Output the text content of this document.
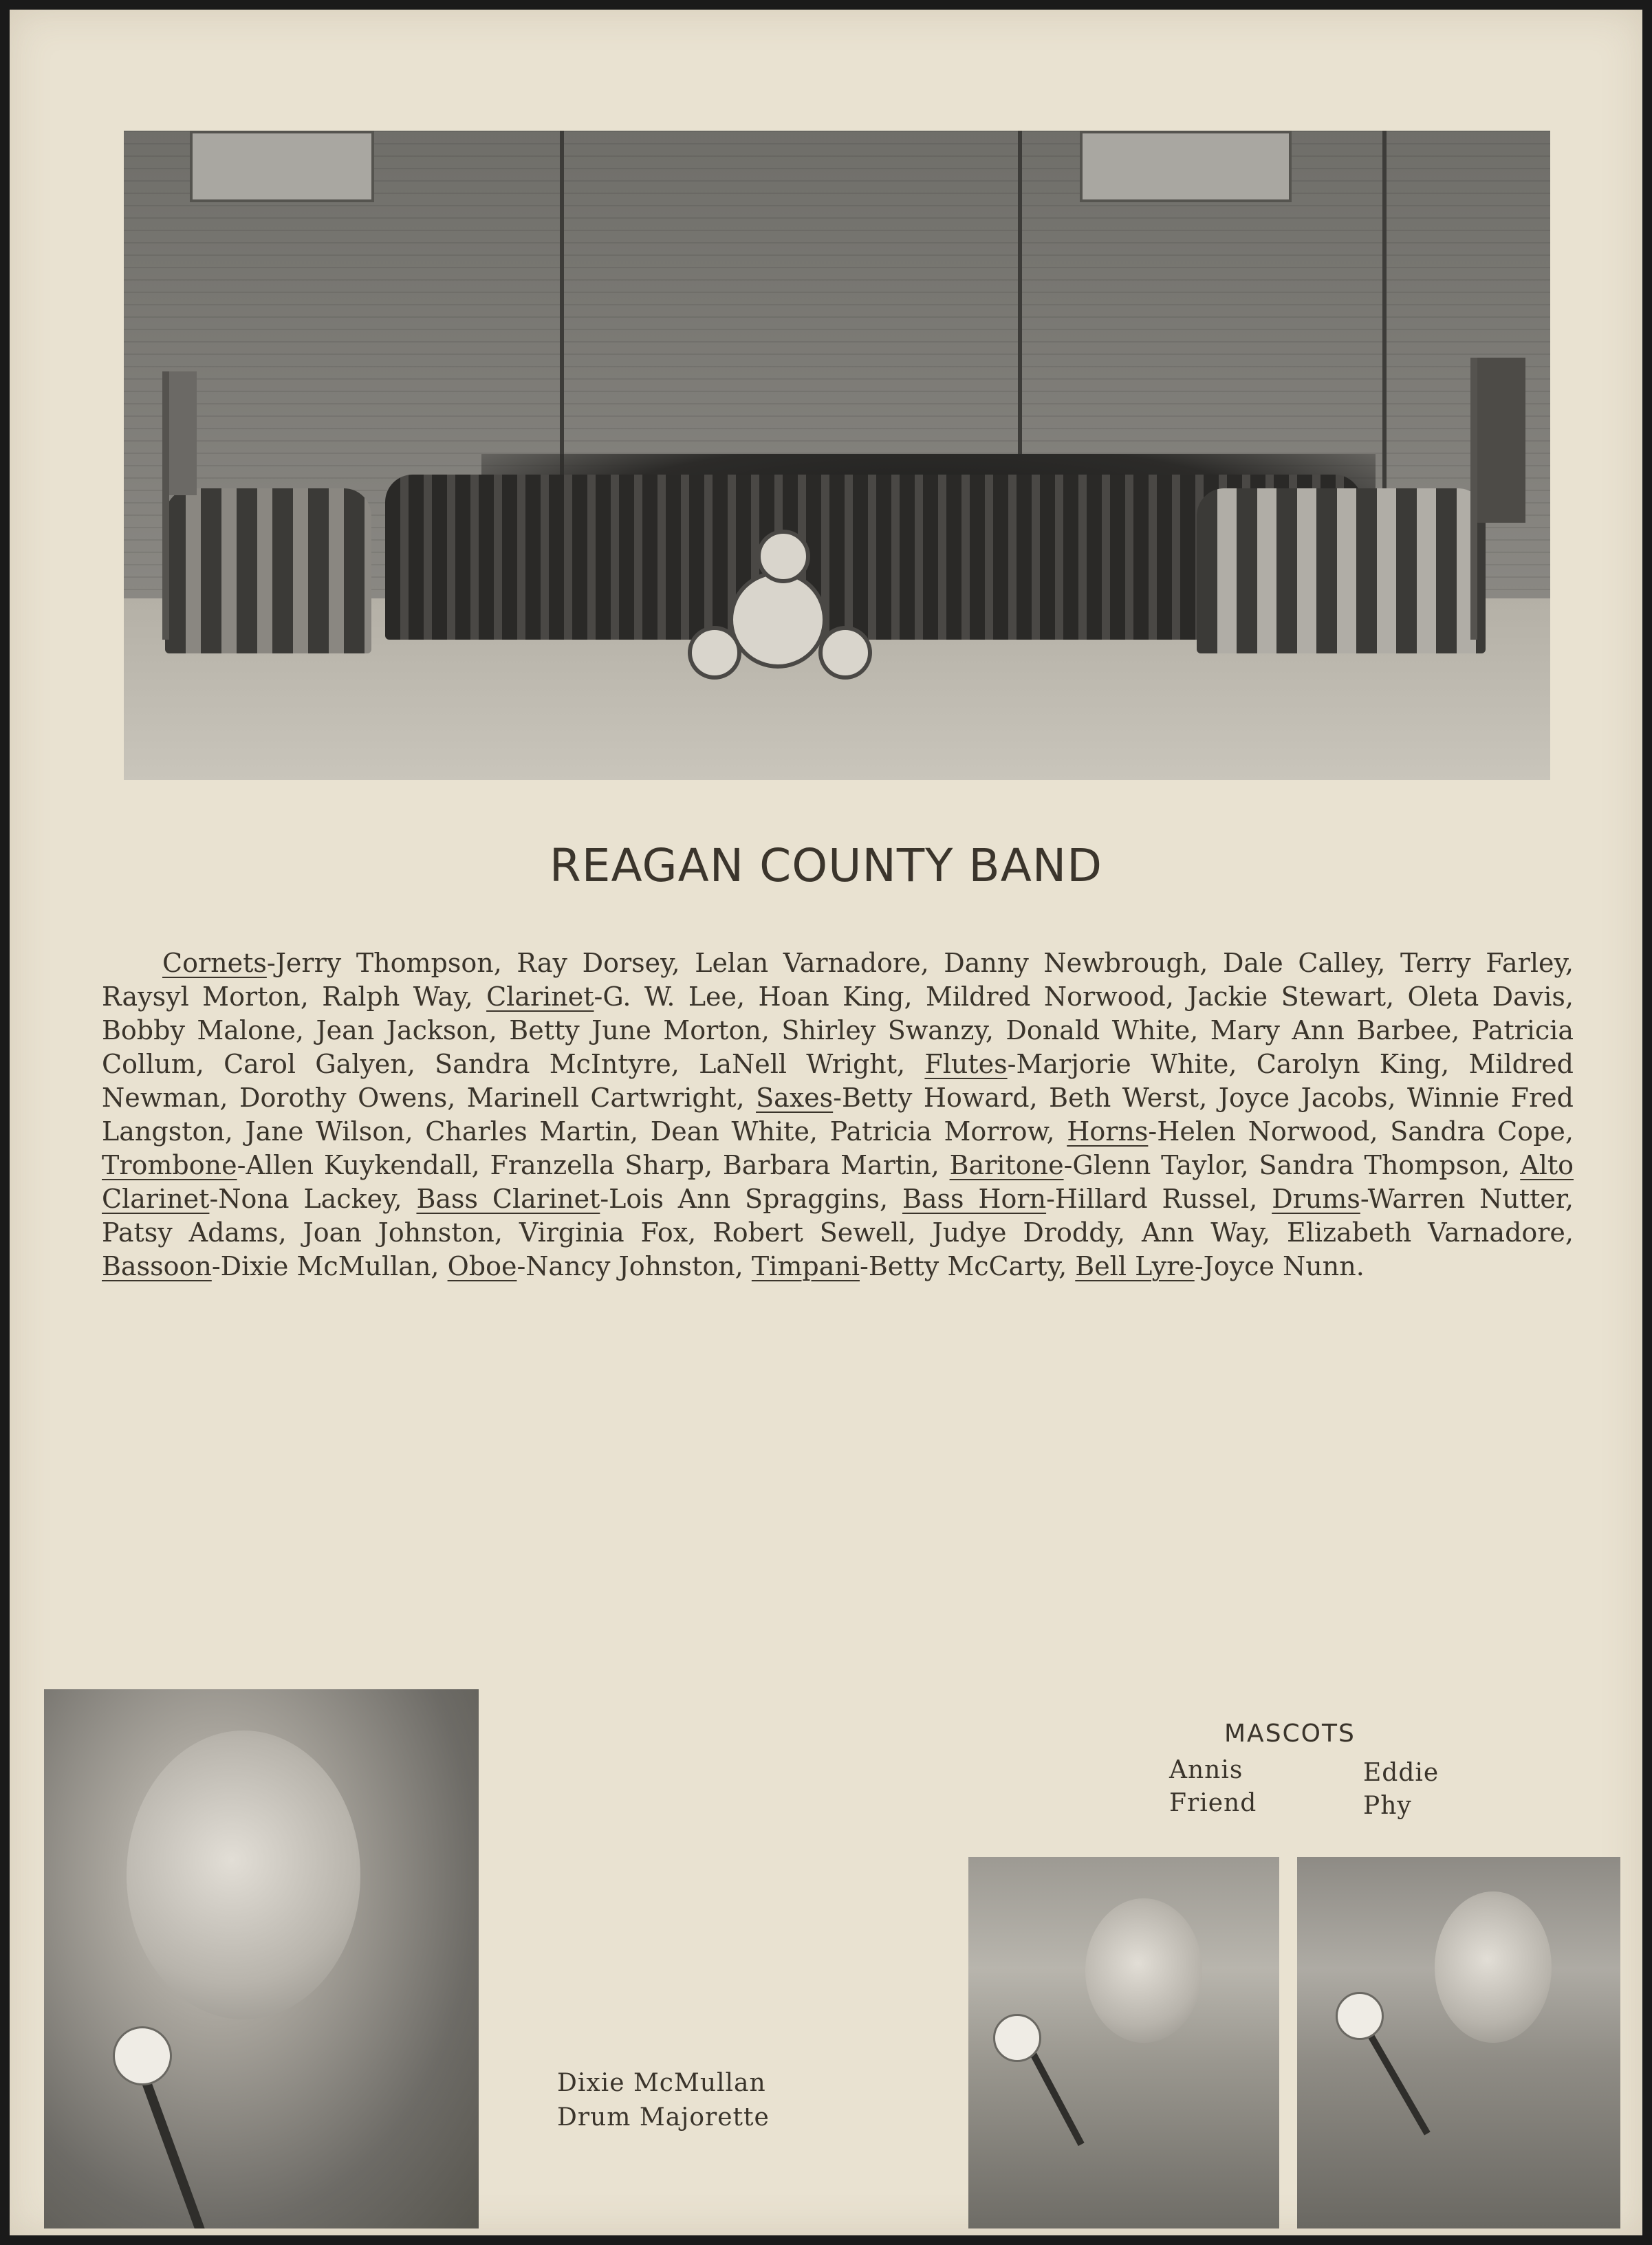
REAGAN COUNTY BAND
Cornets-Jerry Thompson, Ray Dorsey, Lelan Varnadore, Danny Newbrough, Dale Calley, Terry Farley, Raysyl Morton, Ralph Way, Clarinet-G. W. Lee, Hoan King, Mildred Norwood, Jackie Stewart, Oleta Davis, Bobby Malone, Jean Jackson, Betty June Morton, Shirley Swanzy, Donald White, Mary Ann Barbee, Patricia Collum, Carol Galyen, Sandra McIntyre, LaNell Wright, Flutes-Marjorie White, Carolyn King, Mildred Newman, Dorothy Owens, Marinell Cartwright, Saxes-Betty Howard, Beth Werst, Joyce Jacobs, Winnie Fred Langston, Jane Wilson, Charles Martin, Dean White, Patricia Morrow, Horns-Helen Norwood, Sandra Cope, Trombone-Allen Kuykendall, Franzella Sharp, Barbara Martin, Baritone-Glenn Taylor, Sandra Thompson, Alto Clarinet-Nona Lackey, Bass Clarinet-Lois Ann Spraggins, Bass Horn-Hillard Russel, Drums-Warren Nutter, Patsy Adams, Joan Johnston, Virginia Fox, Robert Sewell, Judye Droddy, Ann Way, Elizabeth Varnadore, Bassoon-Dixie McMullan, Oboe-Nancy Johnston, Timpani-Betty McCarty, Bell Lyre-Joyce Nunn.
Dixie McMullan
Drum Majorette
MASCOTS
Annis
Friend
Eddie
Phy
